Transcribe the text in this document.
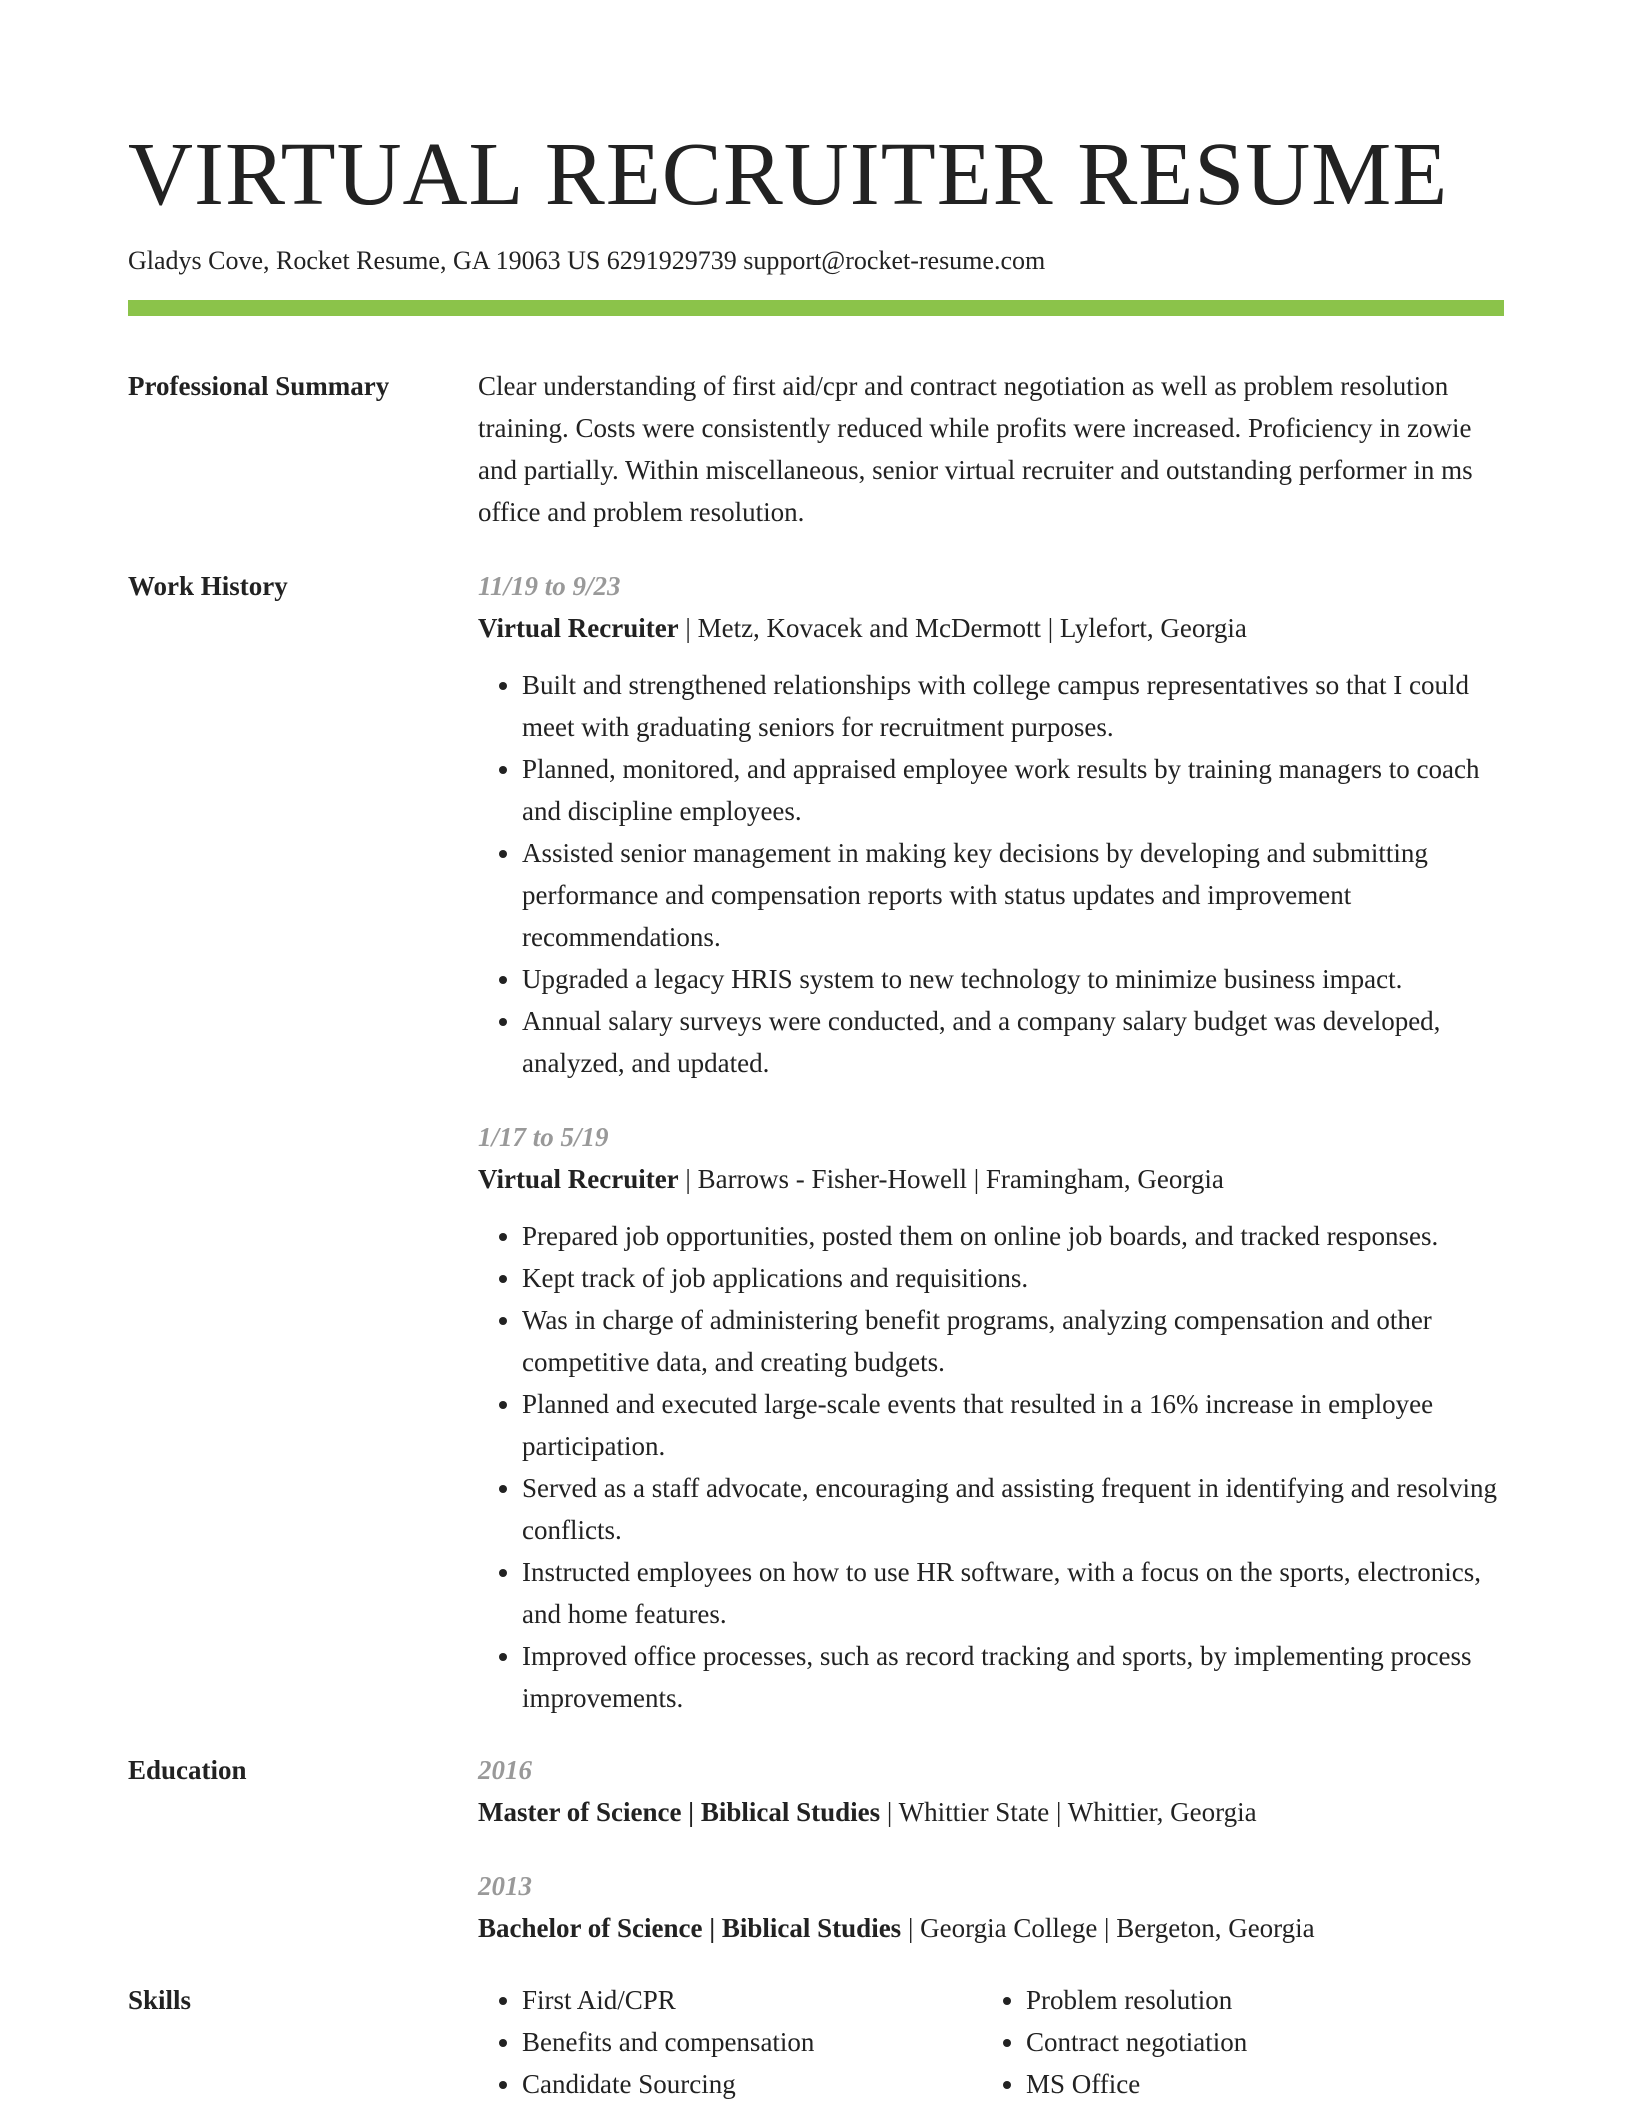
VIRTUAL RECRUITER RESUME
Gladys Cove, Rocket Resume, GA 19063 US 6291929739 support@rocket-resume.com
Professional Summary	Clear understanding of first aid/cpr and contract negotiation as well as problem resolution training. Costs were consistently reduced while profits were increased. Proficiency in zowie and partially. Within miscellaneous, senior virtual recruiter and outstanding performer in ms office and problem resolution.
Work History	11/19 to 9/23
Virtual Recruiter | Metz, Kovacek and McDermott | Lylefort, Georgia
• Built and strengthened relationships with college campus representatives so that I could meet with graduating seniors for recruitment purposes.
• Planned, monitored, and appraised employee work results by training managers to coach and discipline employees.
• Assisted senior management in making key decisions by developing and submitting performance and compensation reports with status updates and improvement recommendations.
• Upgraded a legacy HRIS system to new technology to minimize business impact.
• Annual salary surveys were conducted, and a company salary budget was developed, analyzed, and updated.
1/17 to 5/19
Virtual Recruiter | Barrows - Fisher-Howell | Framingham, Georgia
• Prepared job opportunities, posted them on online job boards, and tracked responses.
• Kept track of job applications and requisitions.
• Was in charge of administering benefit programs, analyzing compensation and other competitive data, and creating budgets.
• Planned and executed large-scale events that resulted in a 16% increase in employee participation.
• Served as a staff advocate, encouraging and assisting frequent in identifying and resolving conflicts.
• Instructed employees on how to use HR software, with a focus on the sports, electronics, and home features.
• Improved office processes, such as record tracking and sports, by implementing process improvements.
Education	2016
Master of Science | Biblical Studies | Whittier State | Whittier, Georgia
2013
Bachelor of Science | Biblical Studies | Georgia College | Bergeton, Georgia
Skills
•	First Aid/CPR
• Benefits and compensation
• Candidate Sourcing
• Problem resolution
• Contract negotiation
• MS Office
